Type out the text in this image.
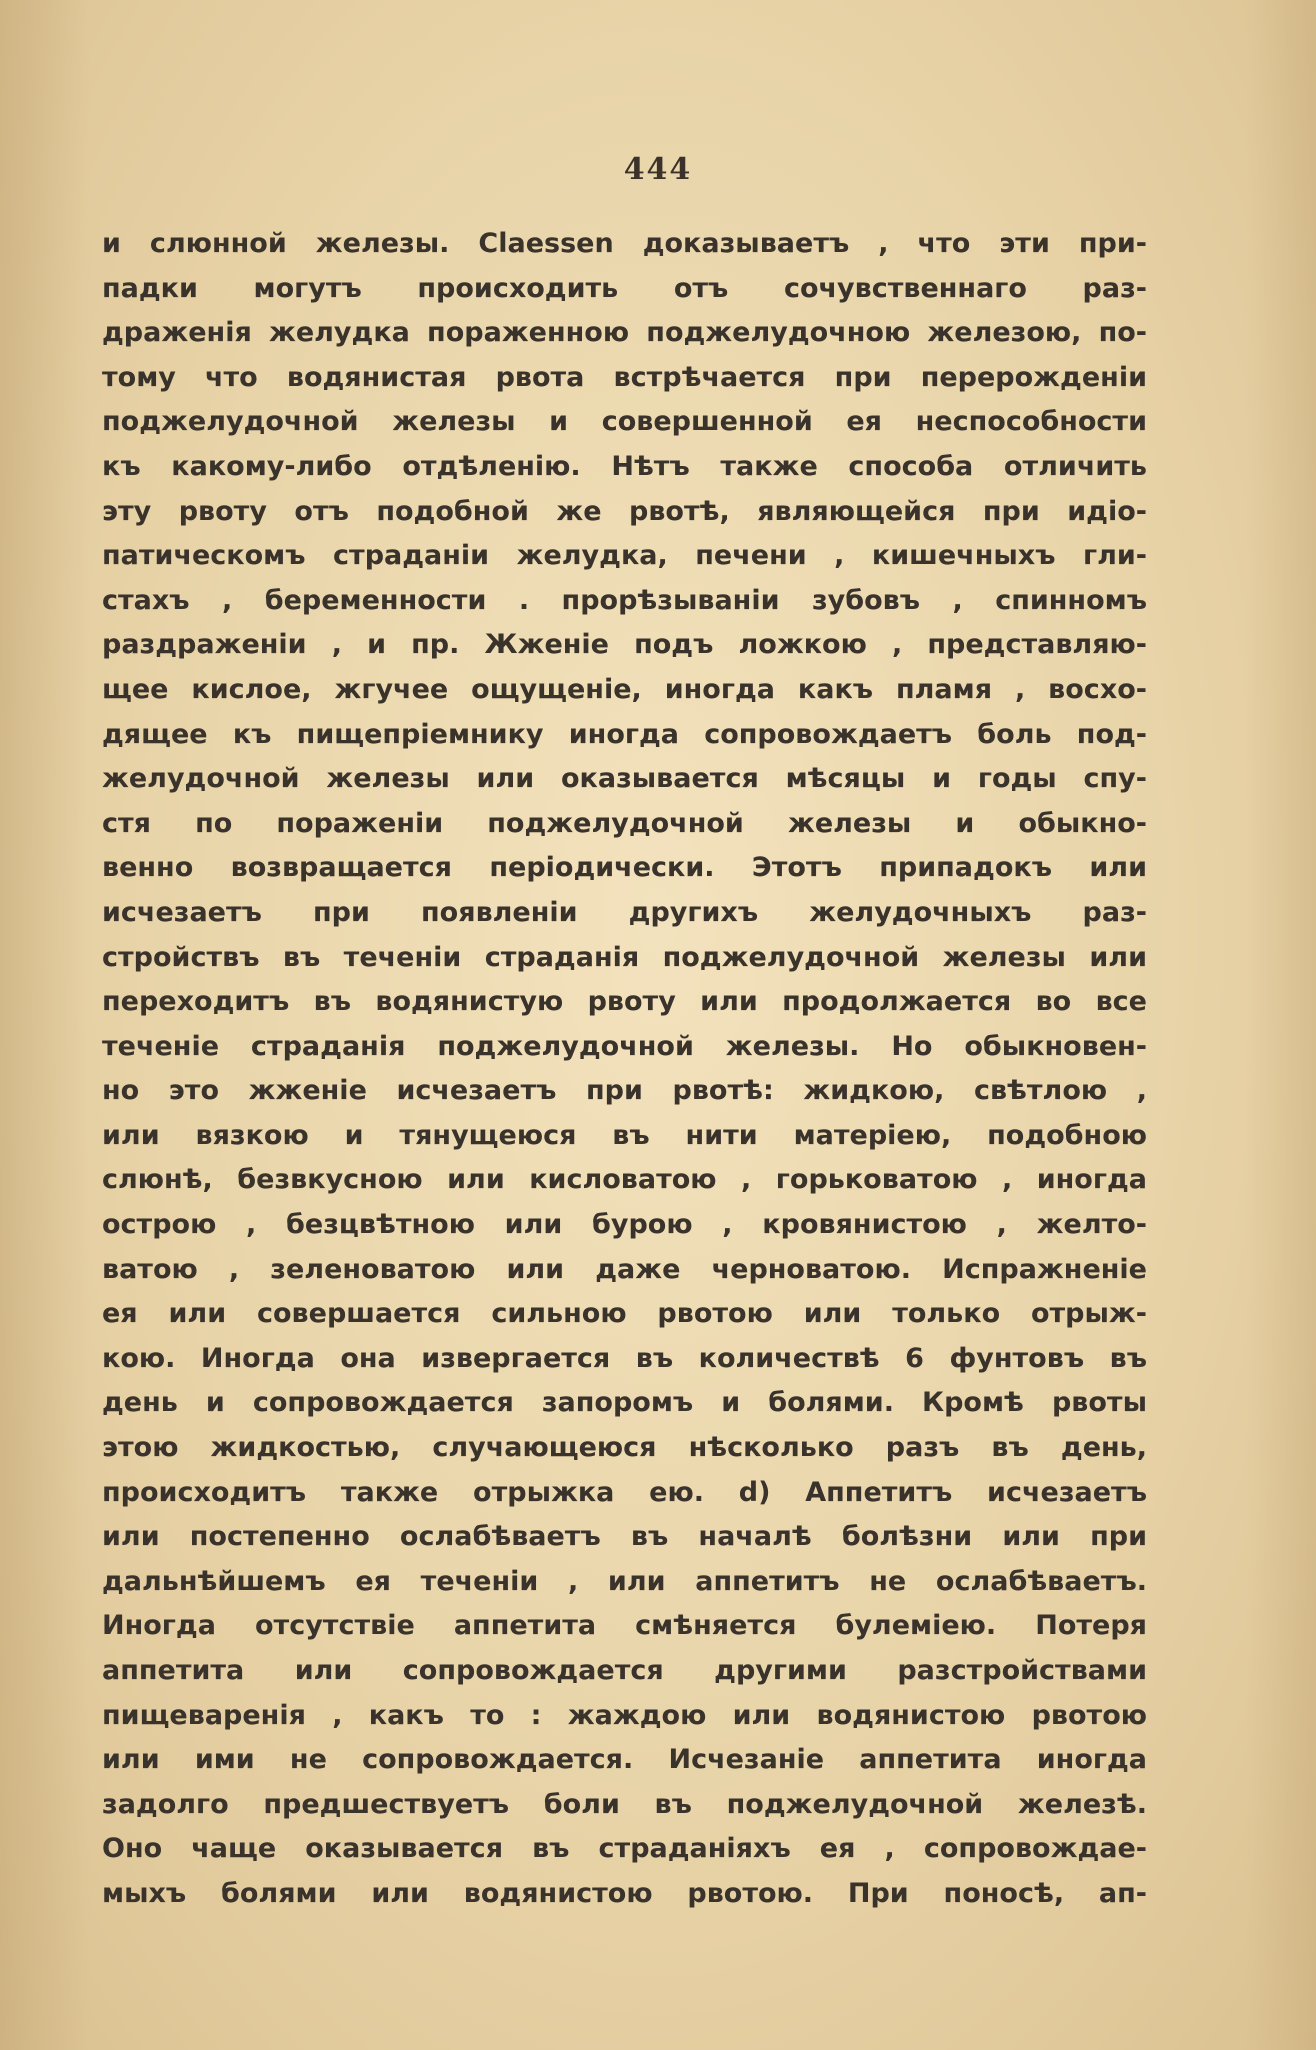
444
и слюнной железы. Claessen доказываетъ , что эти при-
падки могутъ происходить отъ сочувственнаго раз-
драженія желудка пораженною поджелудочною железою, по-
тому что водянистая рвота встрѣчается при перерожденіи
поджелудочной железы и совершенной ея неспособности
къ какому-либо отдѣленію. Нѣтъ также способа отличить
эту рвоту отъ подобной же рвотѣ, являющейся при идіо-
патическомъ страданіи желудка, печени , кишечныхъ гли-
стахъ , беременности . прорѣзываніи зубовъ , спинномъ
раздраженіи , и пр. Жженіе подъ ложкою , представляю-
щее кислое, жгучее ощущеніе, иногда какъ пламя , восхо-
дящее къ пищепріемнику иногда сопровождаетъ боль под-
желудочной железы или оказывается мѣсяцы и годы спу-
стя по пораженіи поджелудочной железы и обыкно-
венно возвращается періодически. Этотъ припадокъ или
исчезаетъ при появленіи другихъ желудочныхъ раз-
стройствъ въ теченіи страданія поджелудочной железы или
переходитъ въ водянистую рвоту или продолжается во все
теченіе страданія поджелудочной железы. Но обыкновен-
но это жженіе исчезаетъ при рвотѣ: жидкою, свѣтлою ,
или вязкою и тянущеюся въ нити матеріею, подобною
слюнѣ, безвкусною или кисловатою , горьковатою , иногда
острою , безцвѣтною или бурою , кровянистою , желто-
ватою , зеленоватою или даже черноватою. Испражненіе
ея или совершается сильною рвотою или только отрыж-
кою. Иногда она извергается въ количествѣ 6 фунтовъ въ
день и сопровождается запоромъ и болями. Кромѣ рвоты
этою жидкостью, случающеюся нѣсколько разъ въ день,
происходитъ также отрыжка ею. d) Аппетитъ исчезаетъ
или постепенно ослабѣваетъ въ началѣ болѣзни или при
дальнѣйшемъ ея теченіи , или аппетитъ не ослабѣваетъ.
Иногда отсутствіе аппетита смѣняется булеміею. Потеря
аппетита или сопровождается другими разстройствами
пищеваренія , какъ то : жаждою или водянистою рвотою
или ими не сопровождается. Исчезаніе аппетита иногда
задолго предшествуетъ боли въ поджелудочной железѣ.
Оно чаще оказывается въ страданіяхъ ея , сопровождае-
мыхъ болями или водянистою рвотою. При поносѣ, ап-
